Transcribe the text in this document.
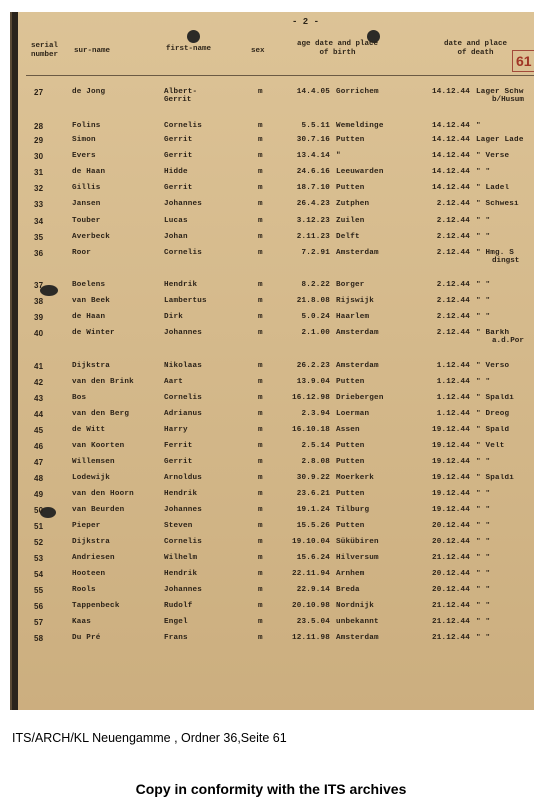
- 2 -
61
serial
number sur-name	first-name	sex
age date and place
of birth
date and place
of death
27	de Jong	Albert-	m	14.4.05 Gorrichem	14.12.44 Lager Schw
Gerrit	b/Husum
28	Folins	Cornelis	m	5.5.11 Wemeldinge	14.12.44 "
29	Simon	Gerrit	m	30.7.16 Putten	14.12.44 Lager Lade
30	Evers	Gerrit	m	13.4.14 "	14.12.44 " Verse
31	de Haan	Hidde	m	24.6.16 Leeuwarden	14.12.44 " "
32	Gillis	Gerrit	m	18.7.10 Putten	14.12.44 " Ladel
33	Jansen	Johannes	m	26.4.23 Zutphen	2.12.44 " Schwesi
34	Touber	Lucas	m	3.12.23 Zuilen	2.12.44 " "
35	Averbeck	Johan	m	2.11.23 Delft	2.12.44 " "
36	Roor	Cornelis	m	7.2.91 Amsterdam	2.12.44 " Hmg. S
dingst
37	Boelens	Hendrik	m	8.2.22 Borger	2.12.44 " "
38	van Beek	Lambertus	m	21.8.08 Rijswijk	2.12.44 " "
39	de Haan	Dirk	m	5.0.24 Haarlem	2.12.44 " "
40	de Winter	Johannes	m	2.1.00 Amsterdam	2.12.44 " Barkh
a.d.Por
41	Dijkstra	Nikolaas	m	26.2.23 Amsterdam	1.12.44 " Verso
42	van den Brink	Aart	m	13.9.04 Putten	1.12.44 " "
43	Bos	Cornelis	m	16.12.98 Driebergen	1.12.44 " Spaldi
44	van den Berg	Adrianus	m	2.3.94 Loerman	1.12.44 " Dreog
45	de Witt	Harry	m	16.10.18 Assen	19.12.44 " Spald
46	van Koorten	Ferrit	m	2.5.14 Putten	19.12.44 " Velt
47	Willemsen	Gerrit	m	2.8.08 Putten	19.12.44 " "
48	Lodewijk	Arnoldus	m	30.9.22 Moerkerk	19.12.44 " Spaldi
49	van den Hoorn	Hendrik	m	23.6.21 Putten	19.12.44 " "
50	van Beurden	Johannes	m	19.1.24 Tilburg	19.12.44 " "
51	Pieper	Steven	m	15.5.26 Putten	20.12.44 " "
52	Dijkstra	Cornelis	m	19.10.04 Sükübiren	20.12.44 " "
53	Andriesen	Wilhelm	m	15.6.24 Hilversum	21.12.44 " "
54	Hooteen	Hendrik	m	22.11.94 Arnhem	20.12.44 " "
55	Rools	Johannes	m	22.9.14 Breda	20.12.44 " "
56	Tappenbeck	Rudolf	m	20.10.98 Nordnijk	21.12.44 " "
57	Kaas	Engel	m	23.5.04 unbekannt	21.12.44 " "
58	Du Pré	Frans	m	12.11.98 Amsterdam	21.12.44 " "
ITS/ARCH/KL Neuengamme , Ordner 36,Seite 61
Copy in conformity with the ITS archives
